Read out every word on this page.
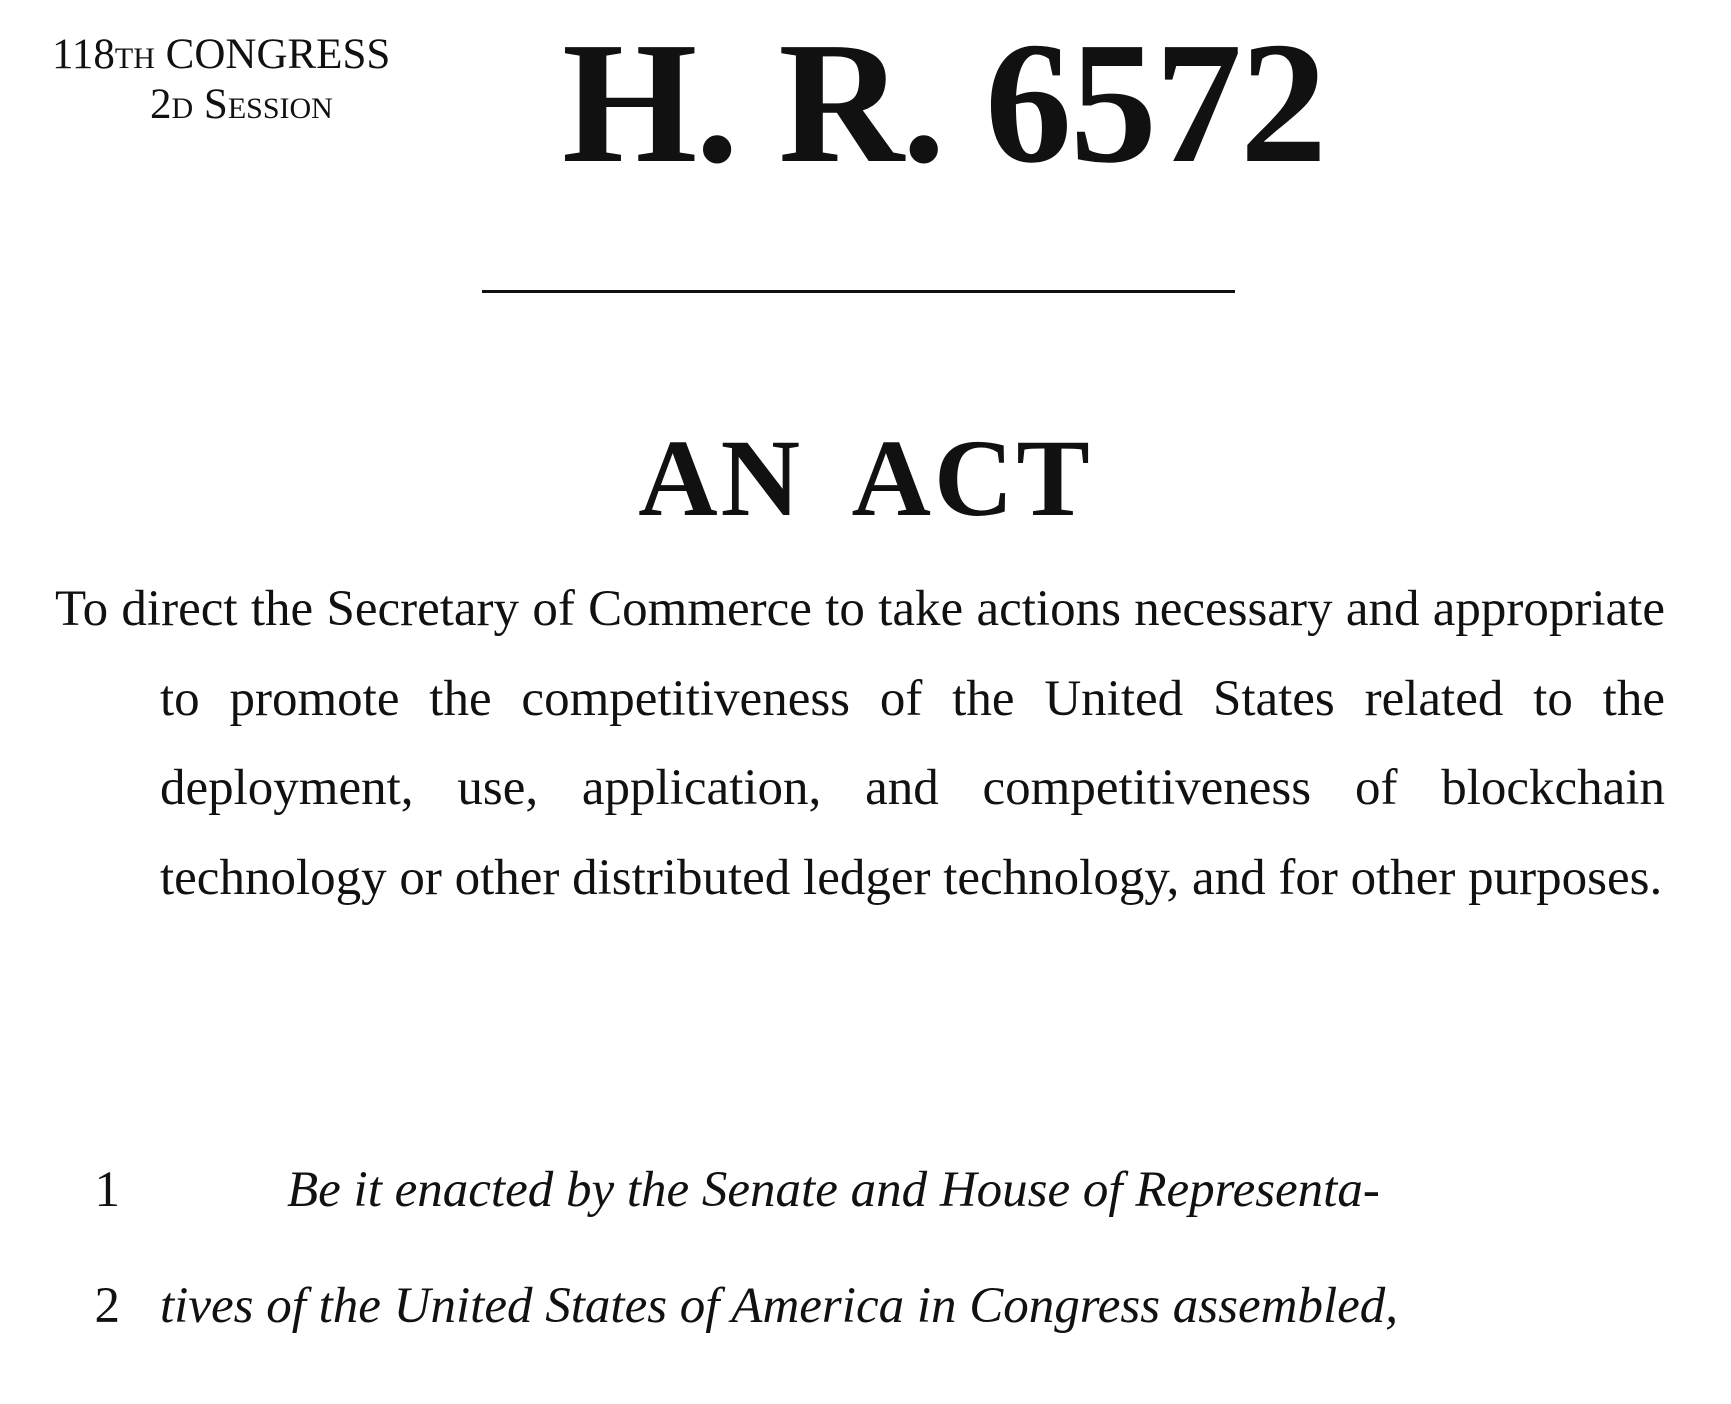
118th CONGRESS
2d Session	H. R. 6572
AN ACT
To direct the Secretary of Commerce to take actions necessary and appropriate to promote the competitiveness of the United States related to the deployment, use, application, and competitiveness of blockchain technology or other distributed ledger technology, and for other purposes.
1	Be it enacted by the Senate and House of Representa-
2 tives of the United States of America in Congress assembled,
